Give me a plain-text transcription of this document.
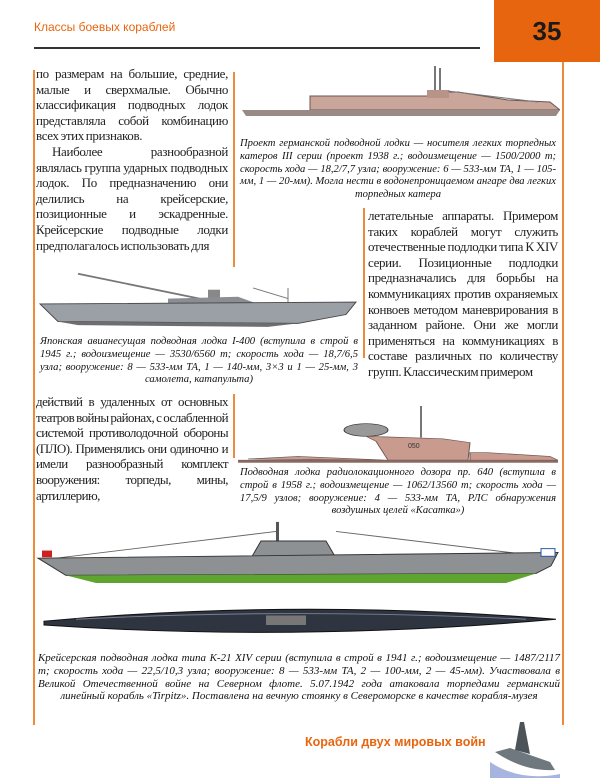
Классы боевых кораблей	35

по размерам на большие, средние, малые и сверхмалые. Обычно классификация подводных лодок представляла собой комбинацию всех этих признаков.

Наиболее разнообразной являлась группа ударных подводных лодок. По предназначению они делились на крейсерские, позиционные и эскадренные. Крейсерские подводные лодки предполагалось использовать для

летательные аппараты. Примером таких кораблей могут служить отечественные подлодки типа К XIV серии. Позиционные подлодки предназначались для борьбы на коммуникациях против охраняемых конвоев методом маневрирования в заданном районе. Они же могли применяться на коммуникациях в составе различных по количеству групп. Классическим примером

действий в удаленных от основных театров войны районах, с ослабленной системой противолодочной обороны (ПЛО). Применялись они одиночно и имели разнообразный комплект вооружения: торпеды, мины, артиллерию,

Проект германской подводной лодки — носителя легких торпедных катеров III серии (проект 1938 г.; водоизмещение — 1500/2000 т; скорость хода — 18,2/7,7 узла; вооружение: 6 — 533-мм ТА, 1 — 105-мм, 1 — 20-мм). Могла нести в водонепроницаемом ангаре два легких торпедных катера
Японская авианесущая подводная лодка I-400 (вступила в строй в 1945 г.; водоизмещение — 3530/6560 т; скорость хода — 18,7/6,5 узла; вооружение: 8 — 533-мм ТА, 1 — 140-мм, 3×3 и 1 — 25-мм, 3 самолета, катапульта)
050
Подводная лодка радиолокационного дозора пр. 640 (вступила в строй в 1958 г.; водоизмещение — 1062/13560 т; скорость хода — 17,5/9 узлов; вооружение: 4 — 533-мм ТА, РЛС обнаружения воздушных целей «Касатка»)
Крейсерская подводная лодка типа К-21 XIV серии (вступила в строй в 1941 г.; водоизмещение — 1487/2117 т; скорость хода — 22,5/10,3 узла; вооружение: 8 — 533-мм ТА, 2 — 100-мм, 2 — 45-мм). Участвовала в Великой Отечественной войне на Северном флоте. 5.07.1942 года атаковала торпедами германский линейный корабль «Tirpitz». Поставлена на вечную стоянку в Североморске в качестве корабля-музея
Корабли двух мировых войн
